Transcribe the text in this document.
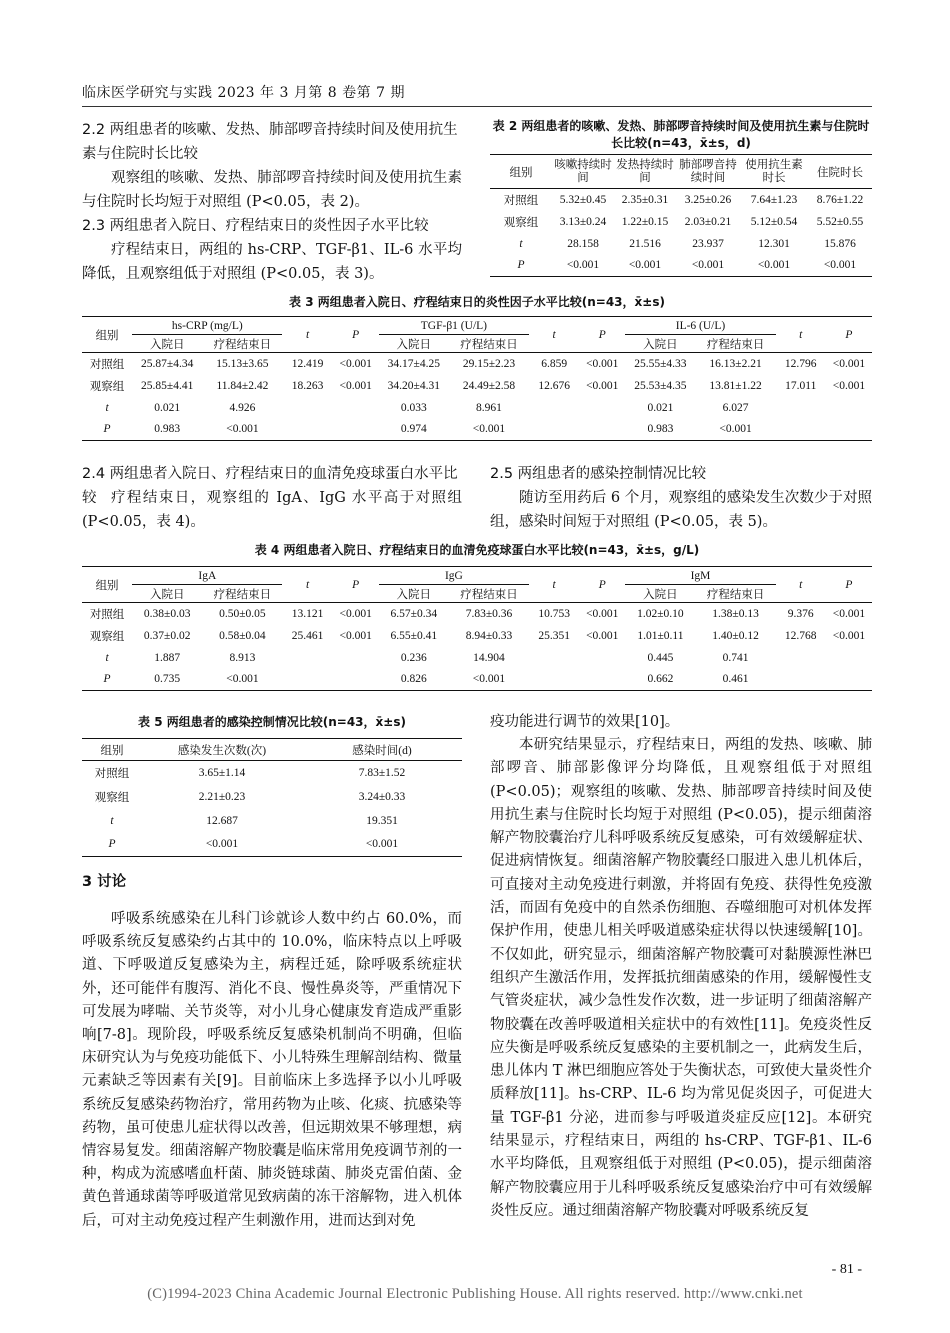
临床医学研究与实践 2023 年 3 月第 8 卷第 7 期
2.2 两组患者的咳嗽、发热、肺部啰音持续时间及使用抗生素与住院时长比较
观察组的咳嗽、发热、肺部啰音持续时间及使用抗生素与住院时长均短于对照组 (P<0.05，表 2)。
2.3 两组患者入院日、疗程结束日的炎性因子水平比较
疗程结束日，两组的 hs-CRP、TGF-β1、IL-6 水平均降低，且观察组低于对照组 (P<0.05，表 3)。
表 2 两组患者的咳嗽、发热、肺部啰音持续时间及使用抗生素与住院时长比较(n=43，x̄±s，d)
组别	咳嗽持续时间	发热持续时间	肺部啰音持续时间	使用抗生素时长	住院时长
对照组	5.32±0.45	2.35±0.31	3.25±0.26	7.64±1.23	8.76±1.22
观察组	3.13±0.24	1.22±0.15	2.03±0.21	5.12±0.54	5.52±0.55
t	28.158	21.516	23.937	12.301	15.876
P	<0.001	<0.001	<0.001	<0.001	<0.001
表 3 两组患者入院日、疗程结束日的炎性因子水平比较(n=43，x̄±s)
组别	hs-CRP (mg/L)		t	P	TGF-β1 (U/L)		t	P	IL-6 (U/L)		t	P
	入院日	疗程结束日			入院日	疗程结束日			入院日	疗程结束日		
对照组	25.87±4.34	15.13±3.65	12.419	<0.001	34.17±4.25	29.15±2.23	6.859	<0.001	25.55±4.33	16.13±2.21	12.796	<0.001
观察组	25.85±4.41	11.84±2.42	18.263	<0.001	34.20±4.31	24.49±2.58	12.676	<0.001	25.53±4.35	13.81±1.22	17.011	<0.001
t	0.021	4.926			0.033	8.961			0.021	6.027		
P	0.983	<0.001			0.974	<0.001			0.983	<0.001		
2.4 两组患者入院日、疗程结束日的血清免疫球蛋白水平比较	疗程结束日，观察组的 IgA、IgG 水平高于对照组 (P<0.05，表 4)。
2.5 两组患者的感染控制情况比较
随访至用药后 6 个月，观察组的感染发生次数少于对照组，感染时间短于对照组 (P<0.05，表 5)。
表 4 两组患者入院日、疗程结束日的血清免疫球蛋白水平比较(n=43，x̄±s，g/L)
组别	IgA		t	P	IgG		t	P	IgM		t	P
	入院日	疗程结束日			入院日	疗程结束日			入院日	疗程结束日		
对照组	0.38±0.03	0.50±0.05	13.121	<0.001	6.57±0.34	7.83±0.36	10.753	<0.001	1.02±0.10	1.38±0.13	9.376	<0.001
观察组	0.37±0.02	0.58±0.04	25.461	<0.001	6.55±0.41	8.94±0.33	25.351	<0.001	1.01±0.11	1.40±0.12	12.768	<0.001
t	1.887	8.913			0.236	14.904			0.445	0.741		
P	0.735	<0.001			0.826	<0.001			0.662	0.461		
表 5 两组患者的感染控制情况比较(n=43，x̄±s)
组别	感染发生次数(次)	感染时间(d)
对照组	3.65±1.14	7.83±1.52
观察组	2.21±0.23	3.24±0.33
t	12.687	19.351
P	<0.001	<0.001
3 讨论
呼吸系统感染在儿科门诊就诊人数中约占 60.0%，而呼吸系统反复感染约占其中的 10.0%，临床特点以上呼吸道、下呼吸道反复感染为主，病程迁延，除呼吸系统症状外，还可能伴有腹泻、消化不良、慢性鼻炎等，严重情况下可发展为哮喘、关节炎等，对小儿身心健康发育造成严重影响[7-8]。现阶段，呼吸系统反复感染机制尚不明确，但临床研究认为与免疫功能低下、小儿特殊生理解剖结构、微量元素缺乏等因素有关[9]。目前临床上多选择予以小儿呼吸系统反复感染药物治疗，常用药物为止咳、化痰、抗感染等药物，虽可使患儿症状得以改善，但远期效果不够理想，病情容易复发。细菌溶解产物胶囊是临床常用免疫调节剂的一种，构成为流感嗜血杆菌、肺炎链球菌、肺炎克雷伯菌、金黄色普通球菌等呼吸道常见致病菌的冻干溶解物，进入机体后，可对主动免疫过程产生刺激作用，进而达到对免
疫功能进行调节的效果[10]。
本研究结果显示，疗程结束日，两组的发热、咳嗽、肺部啰音、肺部影像评分均降低，且观察组低于对照组 (P<0.05)；观察组的咳嗽、发热、肺部啰音持续时间及使用抗生素与住院时长均短于对照组 (P<0.05)，提示细菌溶解产物胶囊治疗儿科呼吸系统反复感染，可有效缓解症状、促进病情恢复。细菌溶解产物胶囊经口服进入患儿机体后，可直接对主动免疫进行刺激，并将固有免疫、获得性免疫激活，而固有免疫中的自然杀伤细胞、吞噬细胞可对机体发挥保护作用，使患儿相关呼吸道感染症状得以快速缓解[10]。不仅如此，研究显示，细菌溶解产物胶囊可对黏膜源性淋巴组织产生激活作用，发挥抵抗细菌感染的作用，缓解慢性支气管炎症状，减少急性发作次数，进一步证明了细菌溶解产物胶囊在改善呼吸道相关症状中的有效性[11]。免疫炎性反应失衡是呼吸系统反复感染的主要机制之一，此病发生后，患儿体内 T 淋巴细胞应答处于失衡状态，可致使大量炎性介质释放[11]。hs-CRP、IL-6 均为常见促炎因子，可促进大量 TGF-β1 分泌，进而参与呼吸道炎症反应[12]。本研究结果显示，疗程结束日，两组的 hs-CRP、TGF-β1、IL-6 水平均降低，且观察组低于对照组 (P<0.05)，提示细菌溶解产物胶囊应用于儿科呼吸系统反复感染治疗中可有效缓解炎性反应。通过细菌溶解产物胶囊对呼吸系统反复
- 81 -
(C)1994-2023 China Academic Journal Electronic Publishing House. All rights reserved. http://www.cnki.net
